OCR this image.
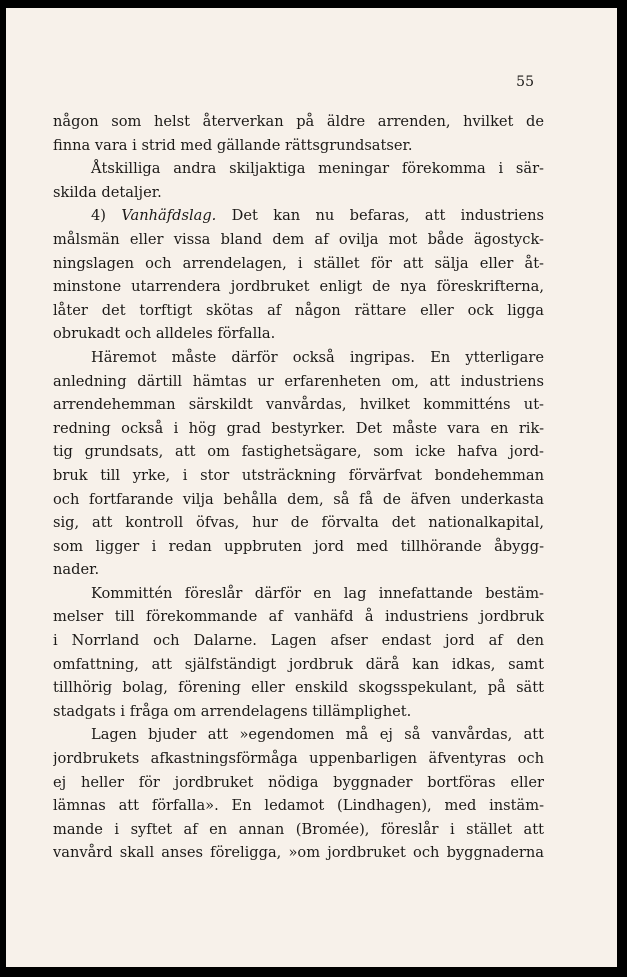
55
någon som helst återverkan på äldre arrenden, hvilket de
finna vara i strid med gällande rättsgrundsatser.
Åtskilliga andra skiljaktiga meningar förekomma i sär-
skilda detaljer.
4) Vanhäfdslag. Det kan nu befaras, att industriens
målsmän eller vissa bland dem af ovilja mot både ägostyck-
ningslagen och arrendelagen, i stället för att sälja eller åt-
minstone utarrendera jordbruket enligt de nya föreskrifterna,
låter det torftigt skötas af någon rättare eller ock ligga
obrukadt och alldeles förfalla.
Häremot måste därför också ingripas. En ytterligare
anledning därtill hämtas ur erfarenheten om, att industriens
arrendehemman särskildt vanvårdas, hvilket kommitténs ut-
redning också i hög grad bestyrker. Det måste vara en rik-
tig grundsats, att om fastighetsägare, som icke hafva jord-
bruk till yrke, i stor utsträckning förvärfvat bondehemman
och fortfarande vilja behålla dem, så få de äfven underkasta
sig, att kontroll öfvas, hur de förvalta det nationalkapital,
som ligger i redan uppbruten jord med tillhörande åbygg-
nader.
Kommittén föreslår därför en lag innefattande bestäm-
melser till förekommande af vanhäfd å industriens jordbruk
i Norrland och Dalarne. Lagen afser endast jord af den
omfattning, att själfständigt jordbruk därå kan idkas, samt
tillhörig bolag, förening eller enskild skogsspekulant, på sätt
stadgats i fråga om arrendelagens tillämplighet.
Lagen bjuder att »egendomen må ej så vanvårdas, att
jordbrukets afkastningsförmåga uppenbarligen äfventyras och
ej heller för jordbruket nödiga byggnader bortföras eller
lämnas att förfalla». En ledamot (Lindhagen), med instäm-
mande i syftet af en annan (Bromée), föreslår i stället att
vanvård skall anses föreligga, »om jordbruket och byggnaderna
